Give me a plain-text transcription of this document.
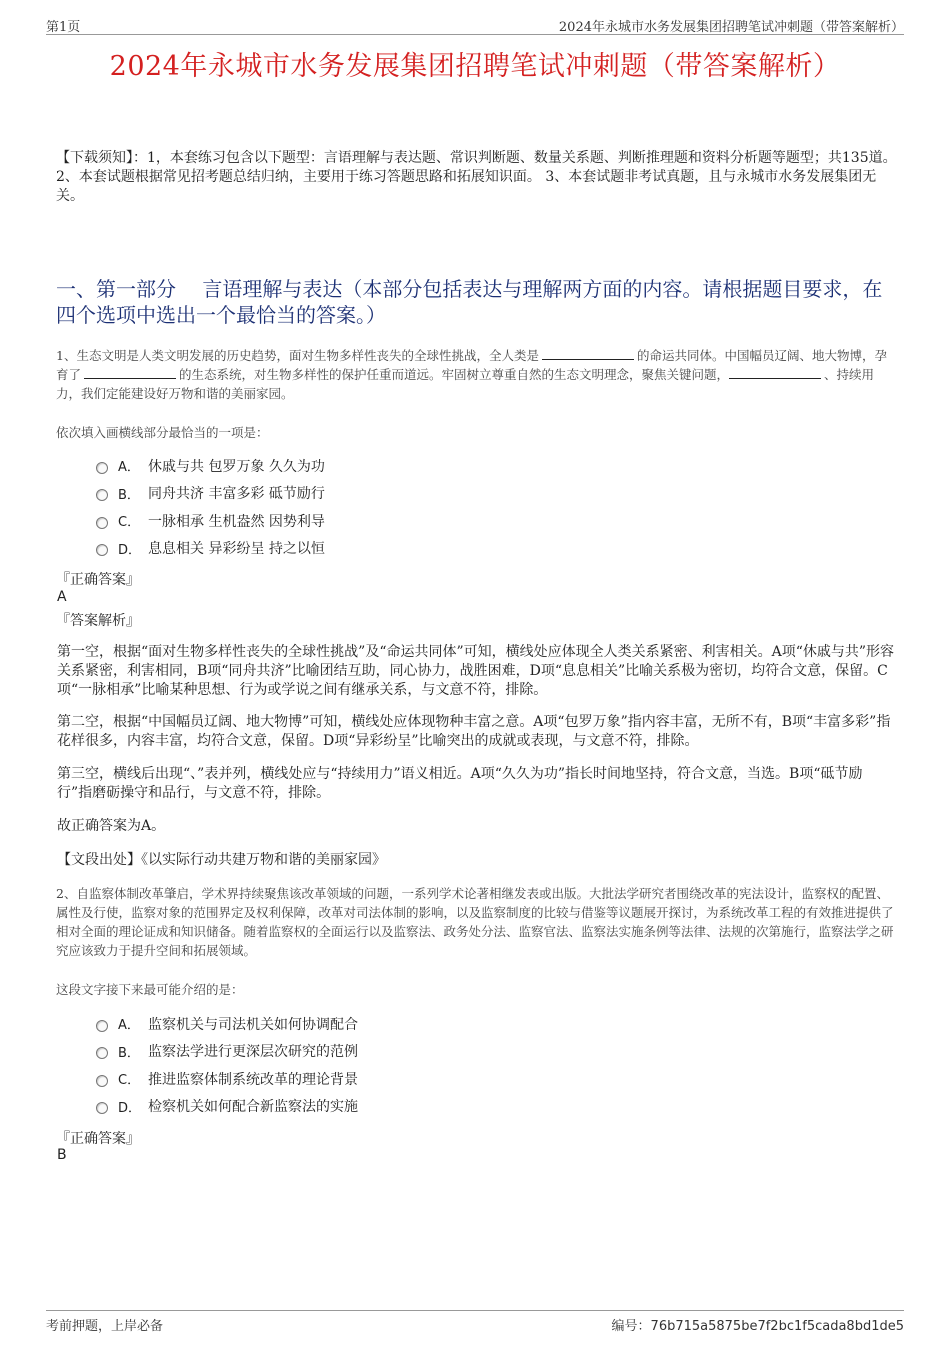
第1页	2024年永城市水务发展集团招聘笔试冲刺题（带答案解析）
2024年永城市水务发展集团招聘笔试冲刺题（带答案解析）
【下载须知】：1，本套练习包含以下题型：言语理解与表达题、常识判断题、数量关系题、判断推理题和资料分析题等题型；共135道。 2、本套试题根据常见招考题总结归纳，主要用于练习答题思路和拓展知识面。 3、本套试题非考试真题，且与永城市水务发展集团无关。
一、第一部分　 言语理解与表达（本部分包括表达与理解两方面的内容。请根据题目要求，在四个选项中选出一个最恰当的答案。）
1、生态文明是人类文明发展的历史趋势，面对生物多样性丧失的全球性挑战，全人类是	的命运共同体。中国幅员辽阔、地大物博，孕育了	的生态系统，对生物多样性的保护任重而道远。牢固树立尊重自然的生态文明理念，聚焦关键问题，	、持续用力，我们定能建设好万物和谐的美丽家园。
依次填入画横线部分最恰当的一项是：
A． 休戚与共 包罗万象 久久为功
B． 同舟共济 丰富多彩 砥节励行
C． 一脉相承 生机盎然 因势利导
D． 息息相关 异彩纷呈 持之以恒
『正确答案』
A
『答案解析』
第一空，根据“面对生物多样性丧失的全球性挑战”及“命运共同体”可知，横线处应体现全人类关系紧密、利害相关。A项“休戚与共”形容关系紧密，利害相同，B项“同舟共济”比喻团结互助，同心协力，战胜困难，D项“息息相关”比喻关系极为密切，均符合文意，保留。C项“一脉相承”比喻某种思想、行为或学说之间有继承关系，与文意不符，排除。
第二空，根据“中国幅员辽阔、地大物博”可知，横线处应体现物种丰富之意。A项“包罗万象”指内容丰富，无所不有，B项“丰富多彩”指花样很多，内容丰富，均符合文意，保留。D项“异彩纷呈”比喻突出的成就或表现，与文意不符，排除。
第三空，横线后出现“、”表并列，横线处应与“持续用力”语义相近。A项“久久为功”指长时间地坚持，符合文意，当选。B项“砥节励行”指磨砺操守和品行，与文意不符，排除。
故正确答案为A。
【文段出处】《以实际行动共建万物和谐的美丽家园》
2、自监察体制改革肇启，学术界持续聚焦该改革领域的问题，一系列学术论著相继发表或出版。大批法学研究者围绕改革的宪法设计，监察权的配置、属性及行使，监察对象的范围界定及权利保障，改革对司法体制的影响，以及监察制度的比较与借鉴等议题展开探讨，为系统改革工程的有效推进提供了相对全面的理论证成和知识储备。随着监察权的全面运行以及监察法、政务处分法、监察官法、监察法实施条例等法律、法规的次第施行，监察法学之研究应该致力于提升空间和拓展领域。
这段文字接下来最可能介绍的是：
A． 监察机关与司法机关如何协调配合
B． 监察法学进行更深层次研究的范例
C． 推进监察体制系统改革的理论背景
D． 检察机关如何配合新监察法的实施
『正确答案』
B
考前押题，上岸必备	编号：76b715a5875be7f2bc1f5cada8bd1de5
